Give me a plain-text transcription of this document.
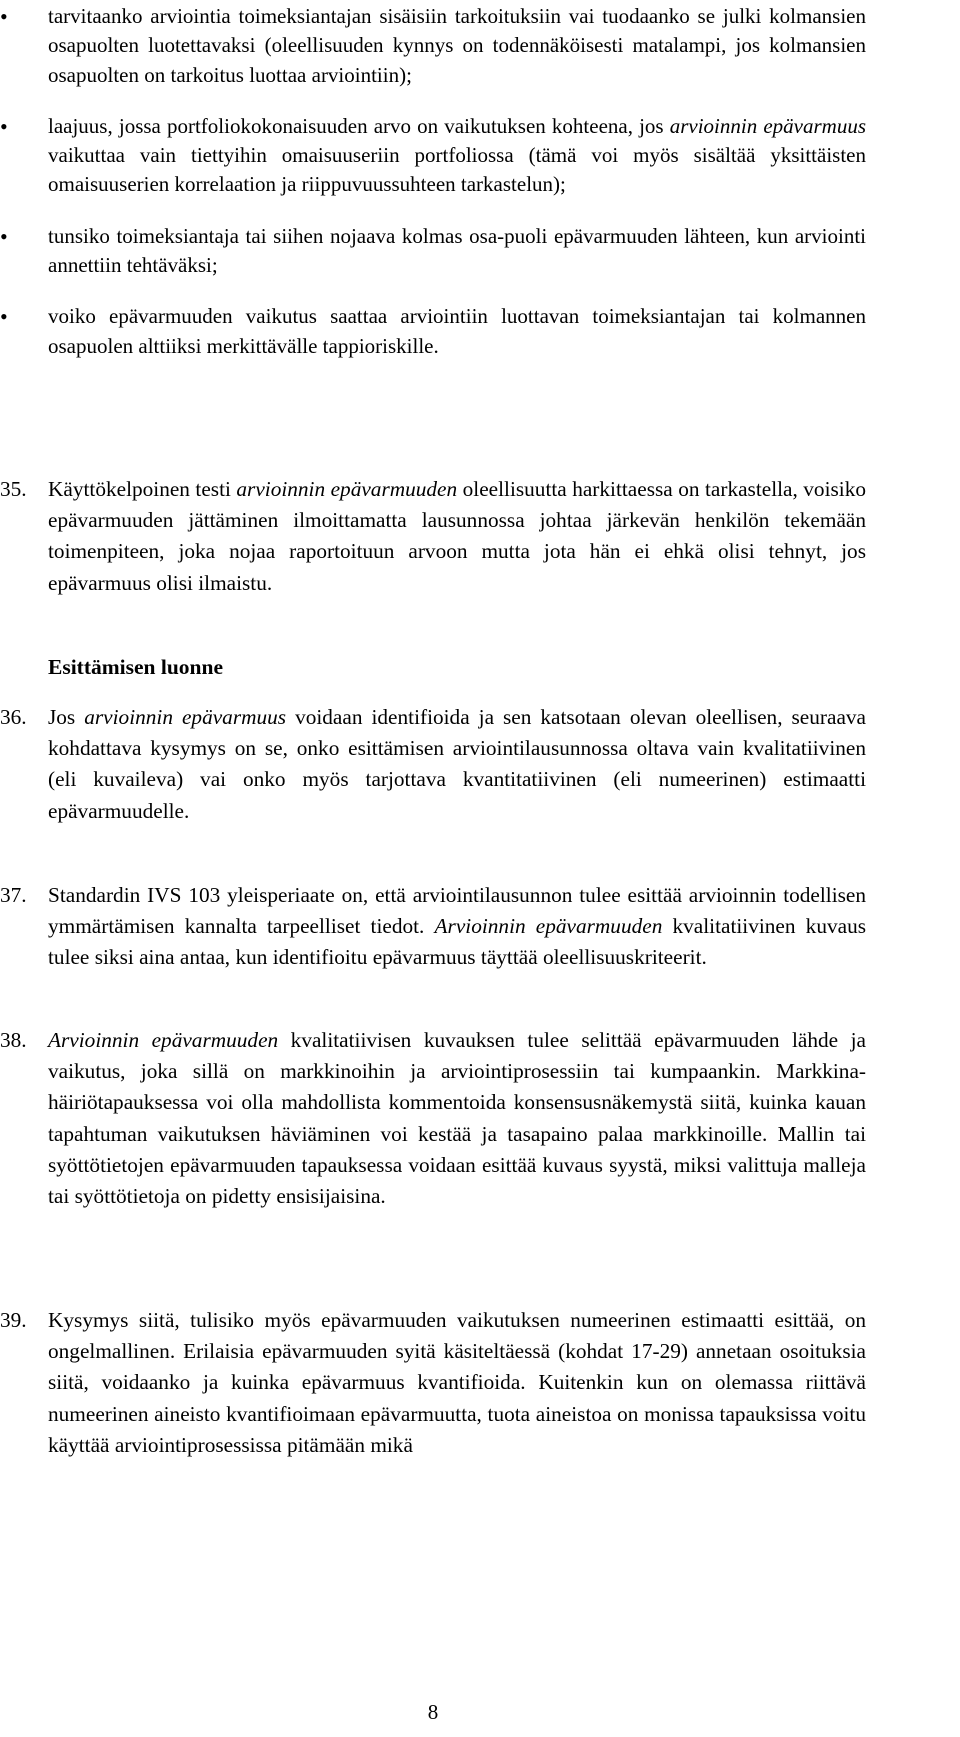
• tarvitaanko arviointia toimeksiantajan sisäisiin tarkoituksiin vai tuodaanko se julki kolmansien osapuolten luotettavaksi (oleellisuuden kynnys on todennäköisesti matalampi, jos kolmansien osapuolten on tarkoitus luottaa arviointiin);

• laajuus, jossa portfoliokokonaisuuden arvo on vaikutuksen kohteena, jos arvioinnin epävarmuus vaikuttaa vain tiettyihin omaisuuseriin portfoliossa (tämä voi myös sisältää yksittäisten omaisuuserien korrelaation ja riippuvuussuhteen tarkastelun);

• tunsiko toimeksiantaja tai siihen nojaava kolmas osa-puoli epävarmuuden lähteen, kun arviointi annettiin tehtäväksi;

• voiko epävarmuuden vaikutus saattaa arviointiin luottavan toimeksiantajan tai kolmannen osapuolen alttiiksi merkittävälle tappioriskille.

35. Käyttökelpoinen testi arvioinnin epävarmuuden oleellisuutta harkittaessa on tarkastella, voisiko epävarmuuden jättäminen ilmoittamatta lausunnossa johtaa järkevän henkilön tekemään toimenpiteen, joka nojaa raportoituun arvoon mutta jota hän ei ehkä olisi tehnyt, jos epävarmuus olisi ilmaistu.

Esittämisen luonne
36. Jos arvioinnin epävarmuus voidaan identifioida ja sen katsotaan olevan oleellisen, seuraava kohdattava kysymys on se, onko esittämisen arviointilausunnossa oltava vain kvalitatiivinen (eli kuvaileva) vai onko myös tarjottava kvantitatiivinen (eli numeerinen) estimaatti epävarmuudelle.

37. Standardin IVS 103 yleisperiaate on, että arviointilausunnon tulee esittää arvioinnin todellisen ymmärtämisen kannalta tarpeelliset tiedot. Arvioinnin epävarmuuden kvalitatiivinen kuvaus tulee siksi aina antaa, kun identifioitu epävarmuus täyttää oleellisuuskriteerit.

38. Arvioinnin epävarmuuden kvalitatiivisen kuvauksen tulee selittää epävarmuuden lähde ja vaikutus, joka sillä on markkinoihin ja arviointiprosessiin tai kumpaankin. Markkina-häiriötapauksessa voi olla mahdollista kommentoida konsensusnäkemystä siitä, kuinka kauan tapahtuman vaikutuksen häviäminen voi kestää ja tasapaino palaa markkinoille. Mallin tai syöttötietojen epävarmuuden tapauksessa voidaan esittää kuvaus syystä, miksi valittuja malleja tai syöttötietoja on pidetty ensisijaisina.

39. Kysymys siitä, tulisiko myös epävarmuuden vaikutuksen numeerinen estimaatti esittää, on ongelmallinen. Erilaisia epävarmuuden syitä käsiteltäessä (kohdat 17-29) annetaan osoituksia siitä, voidaanko ja kuinka epävarmuus kvantifioida. Kuitenkin kun on olemassa riittävä numeerinen aineisto kvantifioimaan epävarmuutta, tuota aineistoa on monissa tapauksissa voitu käyttää arviointiprosessissa pitämään mikä

8
